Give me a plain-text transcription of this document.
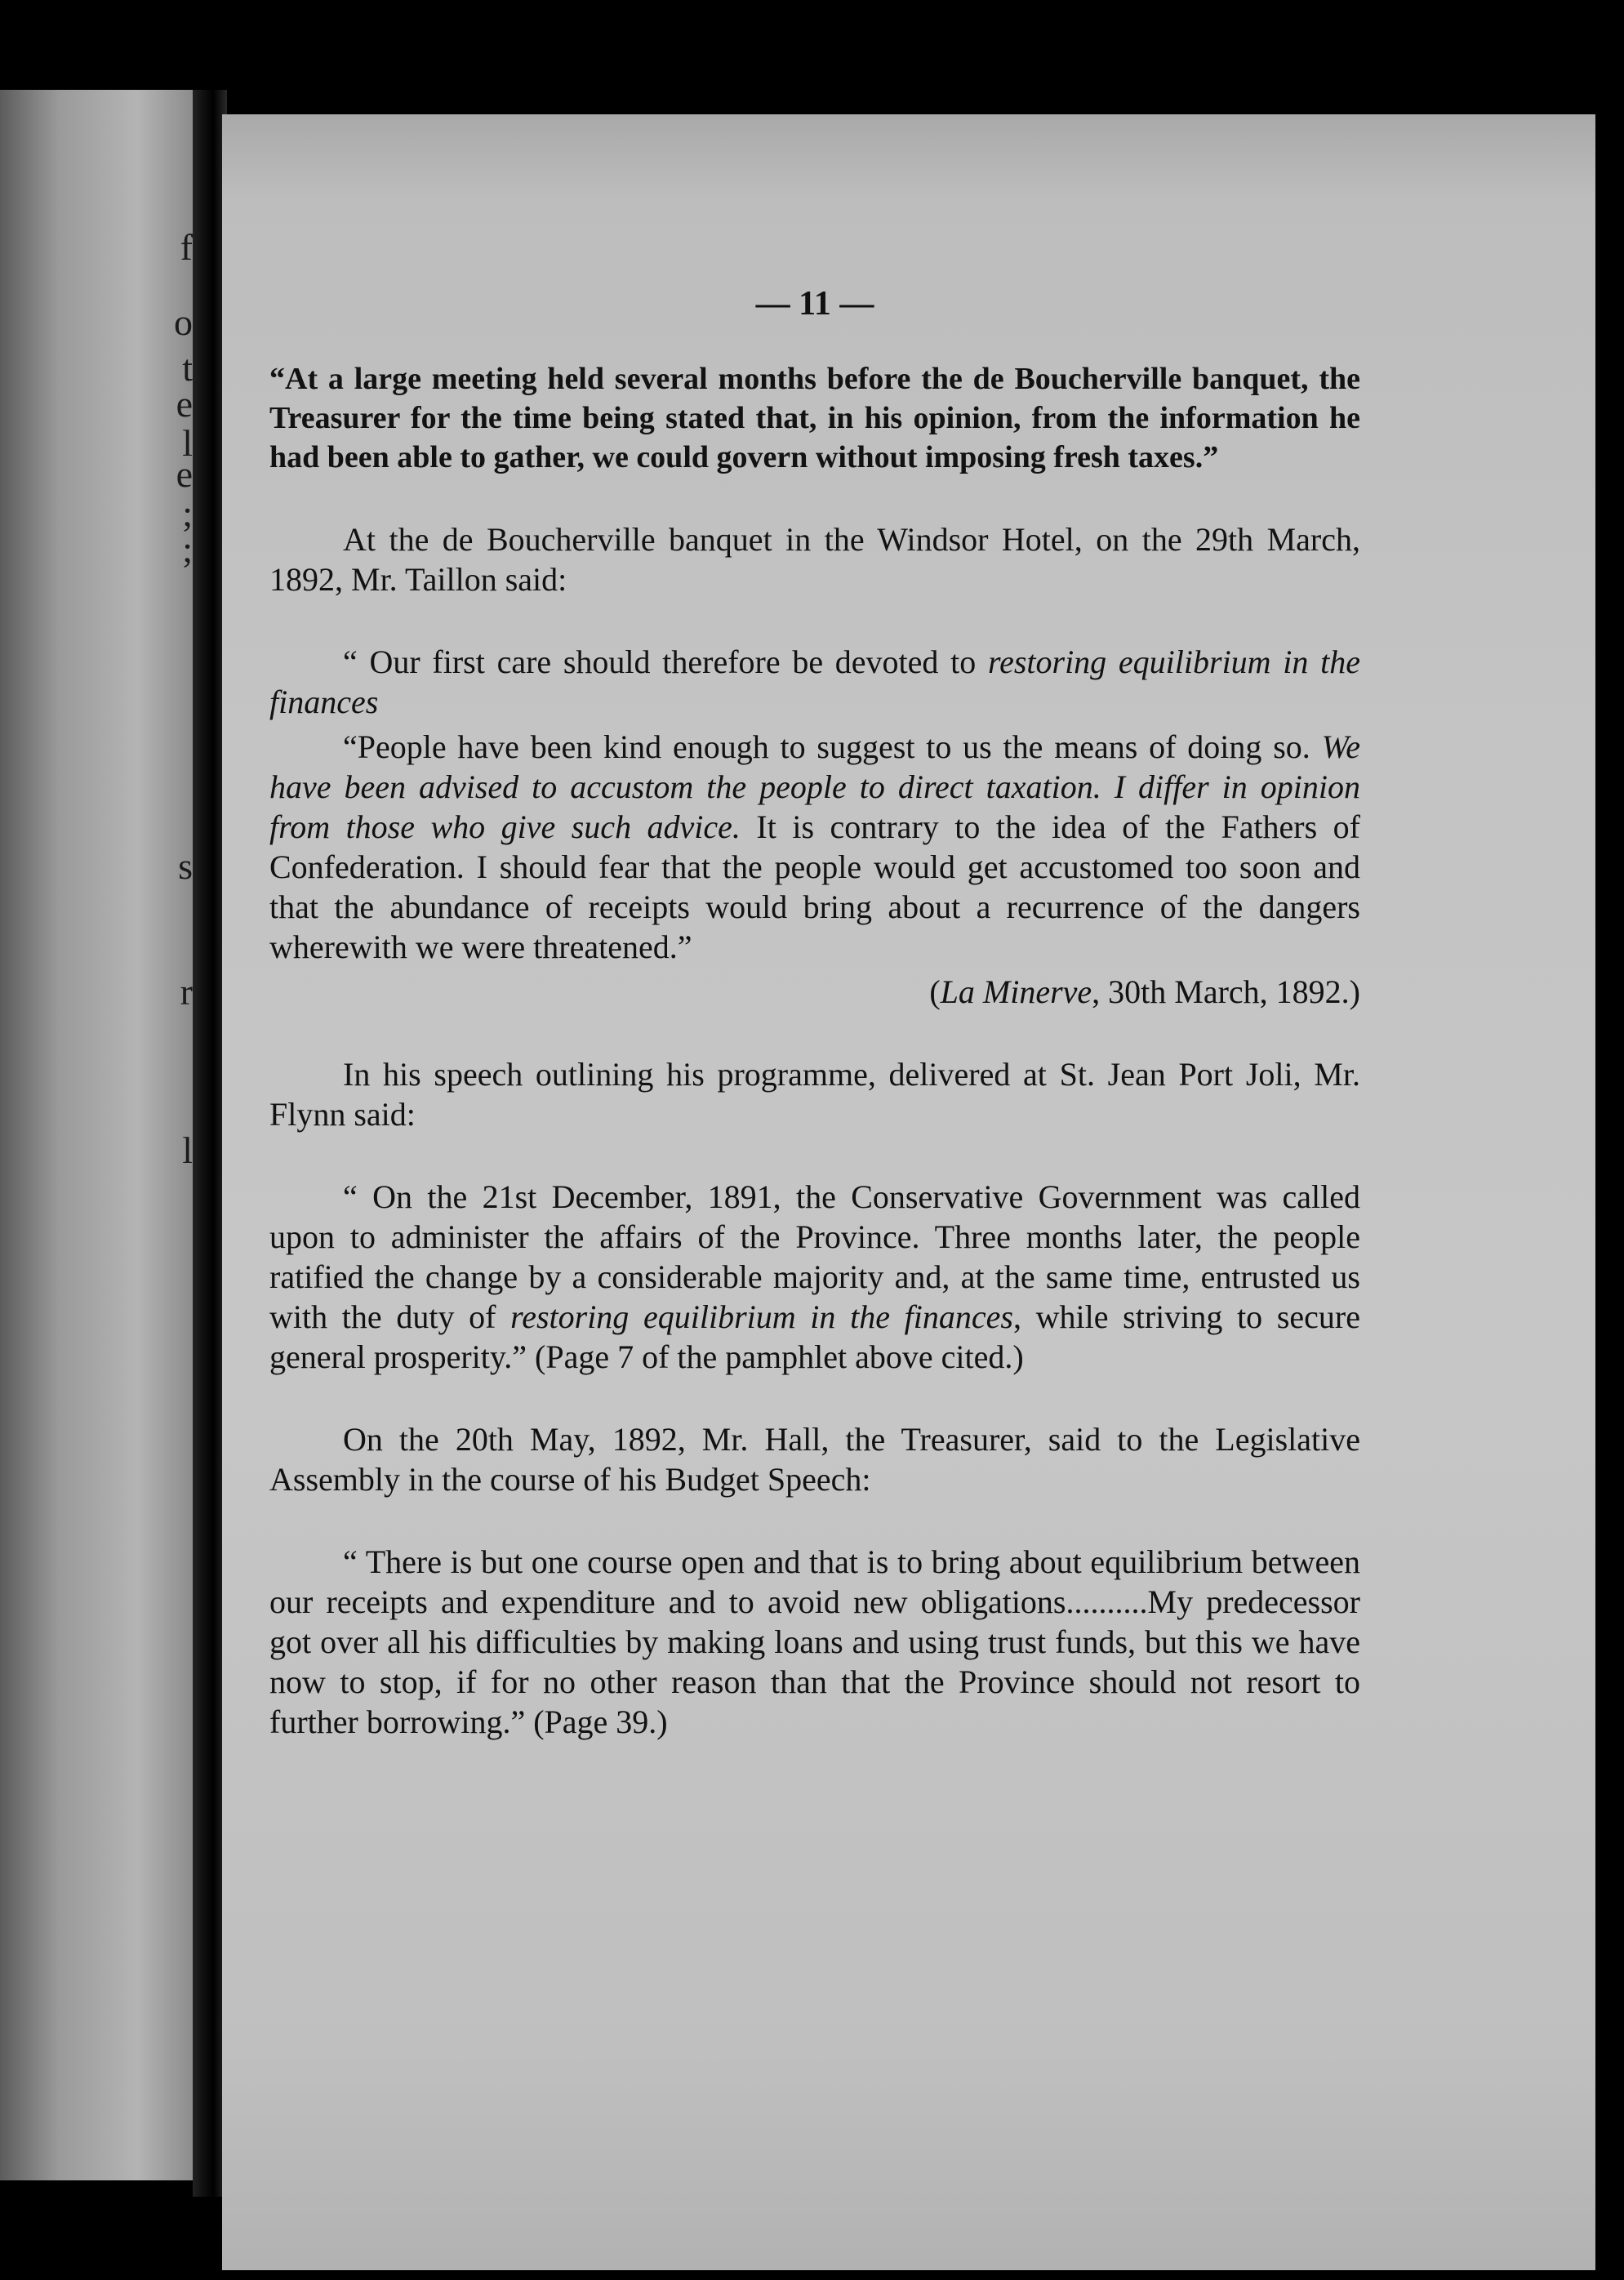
f
o
t
e
l
e
;
;
s
r
l

— 11 —

“At a large meeting held several months before the de Boucherville banquet, the Treasurer for the time being stated that, in his opinion, from the information he had been able to gather, we could govern without imposing fresh taxes.”

At the de Boucherville banquet in the Windsor Hotel, on the 29th March, 1892, Mr. Taillon said:

“ Our first care should therefore be devoted to restoring equilibrium in the finances

“People have been kind enough to suggest to us the means of doing so. We have been advised to accustom the people to direct taxation. I differ in opinion from those who give such advice. It is contrary to the idea of the Fathers of Confederation. I should fear that the people would get accustomed too soon and that the abundance of receipts would bring about a recurrence of the dangers wherewith we were threatened.”

(La Minerve, 30th March, 1892.)

In his speech outlining his programme, delivered at St. Jean Port Joli, Mr. Flynn said:

“ On the 21st December, 1891, the Conservative Government was called upon to administer the affairs of the Province. Three months later, the people ratified the change by a considerable majority and, at the same time, entrusted us with the duty of restoring equilibrium in the finances, while striving to secure general prosperity.” (Page 7 of the pamphlet above cited.)

On the 20th May, 1892, Mr. Hall, the Treasurer, said to the Legislative Assembly in the course of his Budget Speech:

“ There is but one course open and that is to bring about equilibrium between our receipts and expenditure and to avoid new obligations..........My predecessor got over all his difficulties by making loans and using trust funds, but this we have now to stop, if for no other reason than that the Province should not resort to further borrowing.” (Page 39.)
